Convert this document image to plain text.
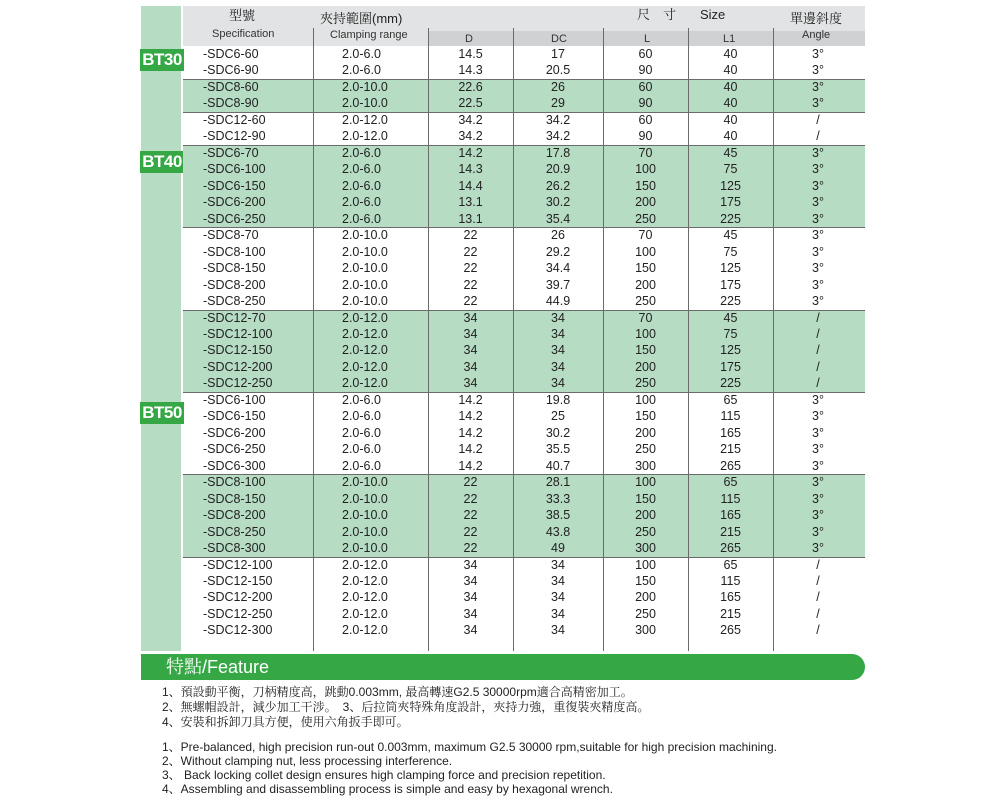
BT30
BT40
BT50
型號
Specification
夾持範圍(mm)
Clamping range
尺　寸 Size	單邊斜度
Angle
D	DC	L	L1
-SDC6-60	2.0-6.0	14.5	17	60	40	3°
-SDC6-90	2.0-6.0	14.3	20.5	90	40	3°
-SDC8-60	2.0-10.0	22.6	26	60	40	3°
-SDC8-90	2.0-10.0	22.5	29	90	40	3°
-SDC12-60	2.0-12.0	34.2	34.2	60	40	/
-SDC12-90	2.0-12.0	34.2	34.2	90	40	/
-SDC6-70	2.0-6.0	14.2	17.8	70	45	3°
-SDC6-100	2.0-6.0	14.3	20.9	100	75	3°
-SDC6-150	2.0-6.0	14.4	26.2	150	125	3°
-SDC6-200	2.0-6.0	13.1	30.2	200	175	3°
-SDC6-250	2.0-6.0	13.1	35.4	250	225	3°
-SDC8-70	2.0-10.0	22	26	70	45	3°
-SDC8-100	2.0-10.0	22	29.2	100	75	3°
-SDC8-150	2.0-10.0	22	34.4	150	125	3°
-SDC8-200	2.0-10.0	22	39.7	200	175	3°
-SDC8-250	2.0-10.0	22	44.9	250	225	3°
-SDC12-70	2.0-12.0	34	34	70	45	/
-SDC12-100	2.0-12.0	34	34	100	75	/
-SDC12-150	2.0-12.0	34	34	150	125	/
-SDC12-200	2.0-12.0	34	34	200	175	/
-SDC12-250	2.0-12.0	34	34	250	225	/
-SDC6-100	2.0-6.0	14.2	19.8	100	65	3°
-SDC6-150	2.0-6.0	14.2	25	150	115	3°
-SDC6-200	2.0-6.0	14.2	30.2	200	165	3°
-SDC6-250	2.0-6.0	14.2	35.5	250	215	3°
-SDC6-300	2.0-6.0	14.2	40.7	300	265	3°
-SDC8-100	2.0-10.0	22	28.1	100	65	3°
-SDC8-150	2.0-10.0	22	33.3	150	115	3°
-SDC8-200	2.0-10.0	22	38.5	200	165	3°
-SDC8-250	2.0-10.0	22	43.8	250	215	3°
-SDC8-300	2.0-10.0	22	49	300	265	3°
-SDC12-100	2.0-12.0	34	34	100	65	/
-SDC12-150	2.0-12.0	34	34	150	115	/
-SDC12-200	2.0-12.0	34	34	200	165	/
-SDC12-250	2.0-12.0	34	34	250	215	/
-SDC12-300	2.0-12.0	34	34	300	265	/
特點/Feature
1、預設動平衡，刀柄精度高，跳動0.003mm, 最高轉速G2.5 30000rpm適合高精密加工。
2、無螺帽設計，減少加工干涉。　3、后拉筒夾特殊角度設計，夾持力強，重復裝夾精度高。
4、安裝和拆卸刀具方便，使用六角扳手即可。
1、Pre-balanced, high precision run-out 0.003mm, maximum G2.5 30000 rpm,suitable for high precision machining.
2、Without clamping nut, less processing interference.
3、 Back locking collet design ensures high clamping force and precision repetition.
4、Assembling and disassembling process is simple and easy by hexagonal wrench.
